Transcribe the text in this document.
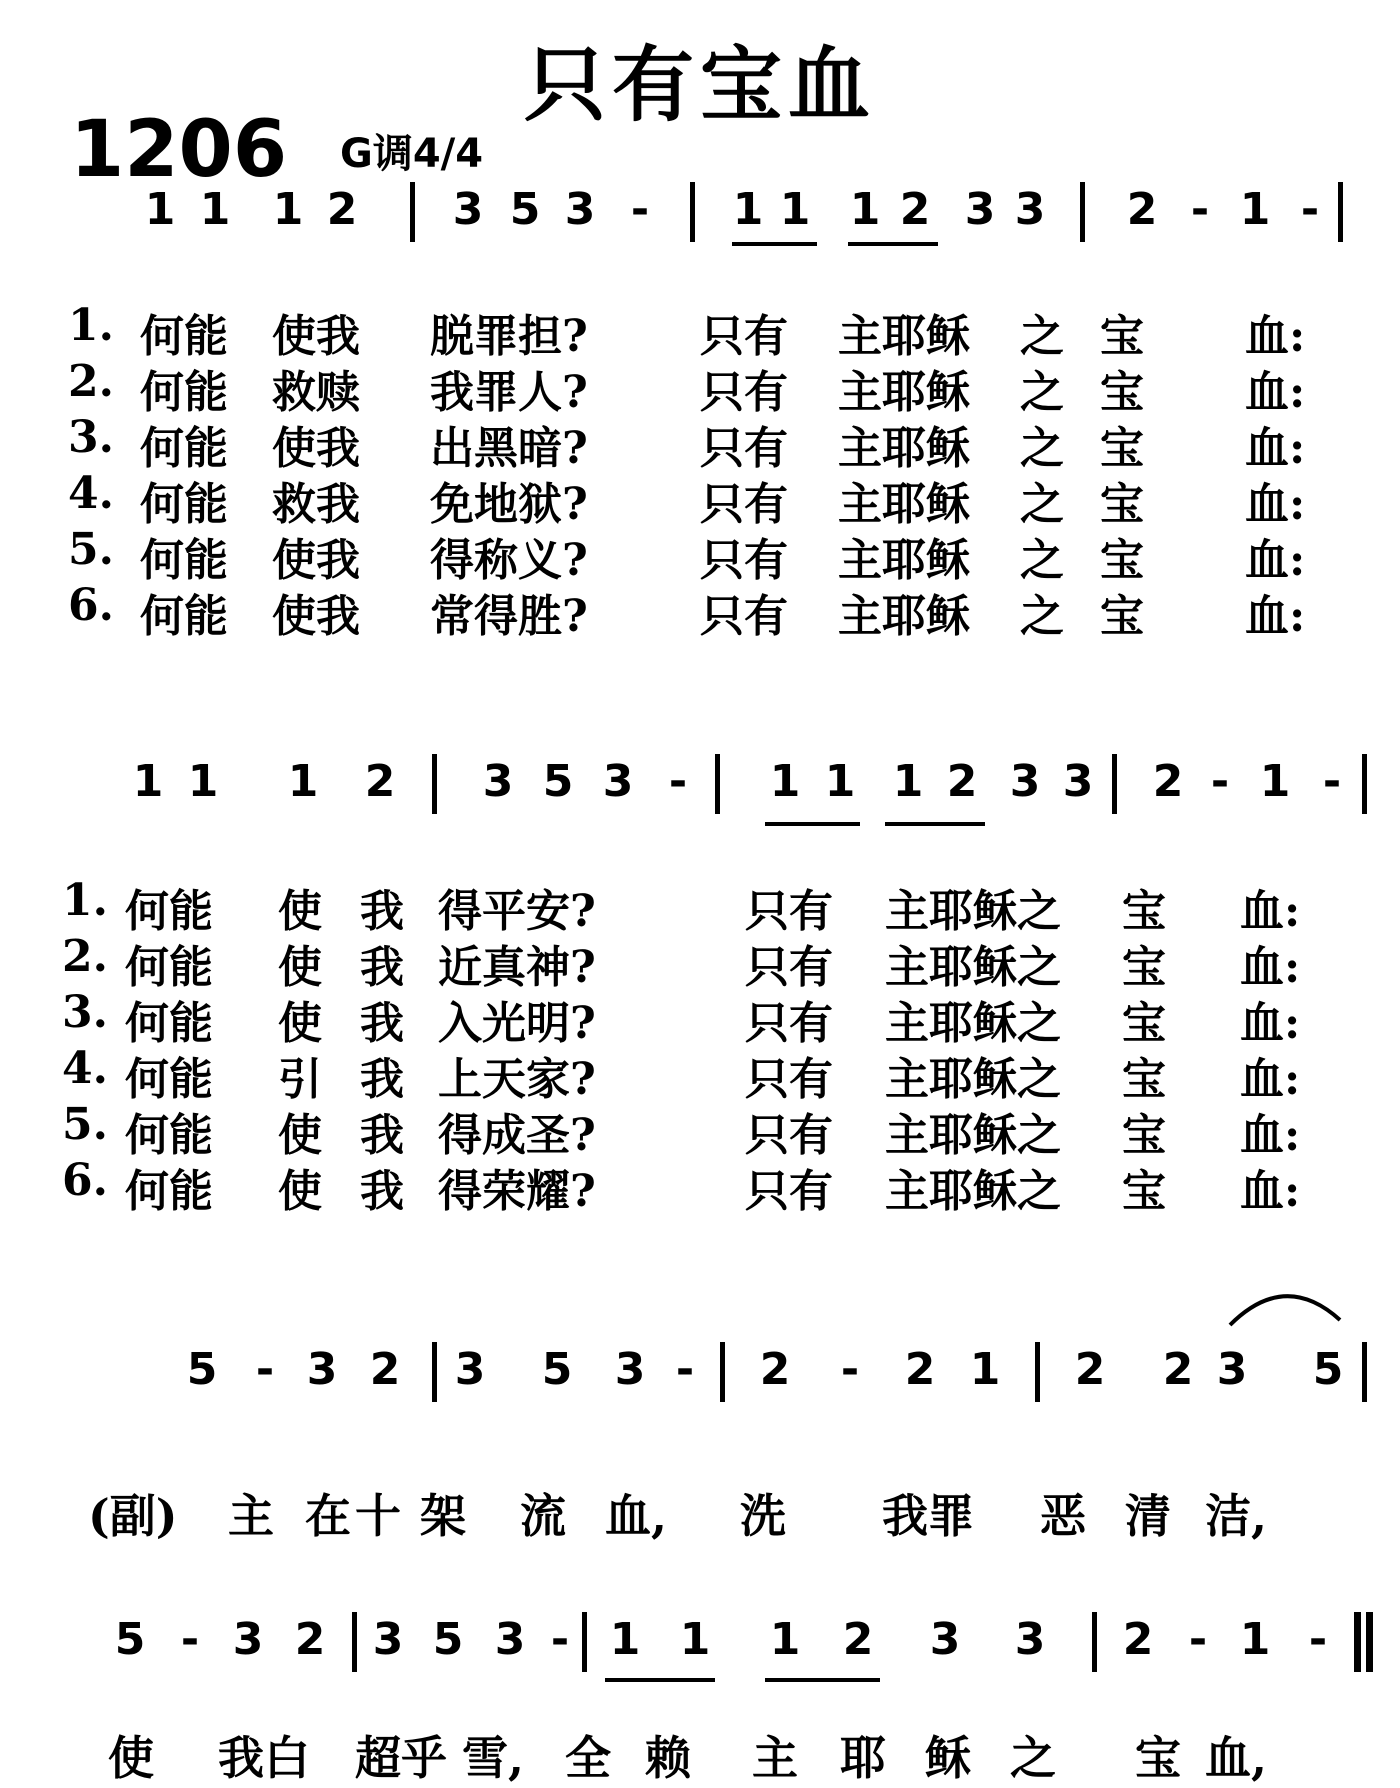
只有宝血
1206 G调4/4
1 1 1 2 3 5 3 - 1 1 1 2 3 3 2 - 1 -
1. 何能 使我 脱罪担?	只有 主耶稣 之 宝 血:
2. 何能 救赎 我罪人?	只有 主耶稣 之 宝 血:
3. 何能 使我 出黑暗?	只有 主耶稣 之 宝 血:
4. 何能 救我 免地狱?	只有 主耶稣 之 宝 血:
5. 何能 使我 得称义?	只有 主耶稣 之 宝 血:
6. 何能 使我 常得胜?	只有 主耶稣 之 宝 血:
1 1 1 2 3 5 3 - 1 1 1 2 3 3 2 - 1 -
1. 何能 使 我 得平安?	只有 主耶稣之 宝 血:
2. 何能 使 我 近真神?	只有 主耶稣之 宝 血:
3. 何能 使 我 入光明?	只有 主耶稣之 宝 血:
4. 何能 引 我 上天家?	只有 主耶稣之 宝 血:
5. 何能 使 我 得成圣?	只有 主耶稣之 宝 血:
6. 何能 使 我 得荣耀?	只有 主耶稣之 宝 血:
5 - 3 2 3 5 3 - 2 - 2 1 2 2 3 5
(副) 主 在 十 架 流 血, 洗 我罪 恶 清 洁,
5 - 3 2 3 5 3 - 1 1 1 2 3 3 2 - 1 -
使 我白 超乎 雪, 全 赖 主 耶 稣 之 宝 血,
